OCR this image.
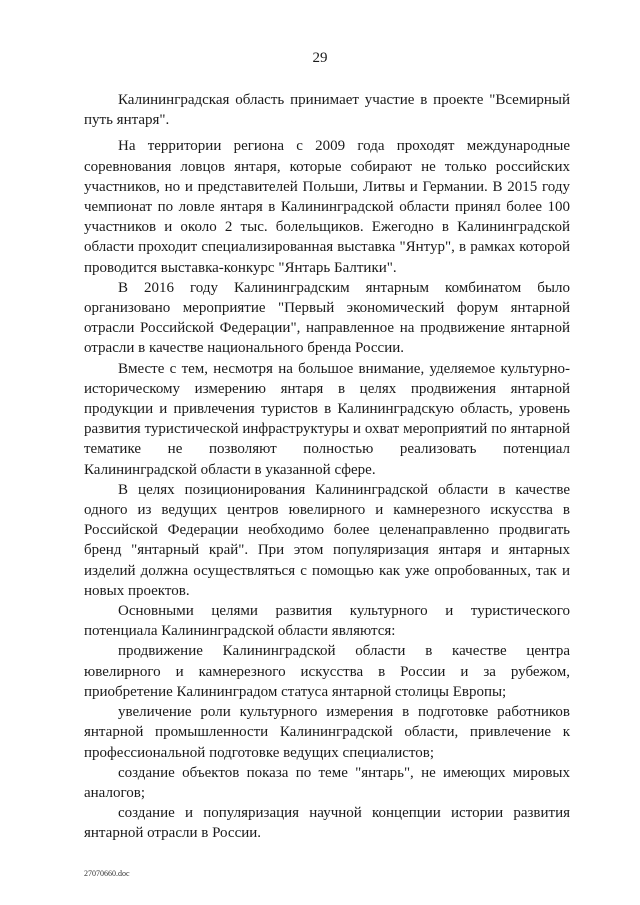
29

Калининградская область принимает участие в проекте "Всемирный путь янтаря".

На территории региона с 2009 года проходят международные соревнования ловцов янтаря, которые собирают не только российских участников, но и представителей Польши, Литвы и Германии. В 2015 году чемпионат по ловле янтаря в Калининградской области принял более 100 участников и около 2 тыс. болельщиков. Ежегодно в Калининградской области проходит специализированная выставка "Янтур", в рамках которой проводится выставка-конкурс "Янтарь Балтики".

В 2016 году Калининградским янтарным комбинатом было организовано мероприятие "Первый экономический форум янтарной отрасли Российской Федерации", направленное на продвижение янтарной отрасли в качестве национального бренда России.

Вместе с тем, несмотря на большое внимание, уделяемое культурно-историческому измерению янтаря в целях продвижения янтарной продукции и привлечения туристов в Калининградскую область, уровень развития туристической инфраструктуры и охват мероприятий по янтарной тематике не позволяют полностью реализовать потенциал Калининградской области в указанной сфере.

В целях позиционирования Калининградской области в качестве одного из ведущих центров ювелирного и камнерезного искусства в Российской Федерации необходимо более целенаправленно продвигать бренд "янтарный край". При этом популяризация янтаря и янтарных изделий должна осуществляться с помощью как уже опробованных, так и новых проектов.

Основными целями развития культурного и туристического потенциала Калининградской области являются:

продвижение Калининградской области в качестве центра ювелирного и камнерезного искусства в России и за рубежом, приобретение Калининградом статуса янтарной столицы Европы;

увеличение роли культурного измерения в подготовке работников янтарной промышленности Калининградской области, привлечение к профессиональной подготовке ведущих специалистов;

создание объектов показа по теме "янтарь", не имеющих мировых аналогов;

создание и популяризация научной концепции истории развития янтарной отрасли в России.

27070660.doc
